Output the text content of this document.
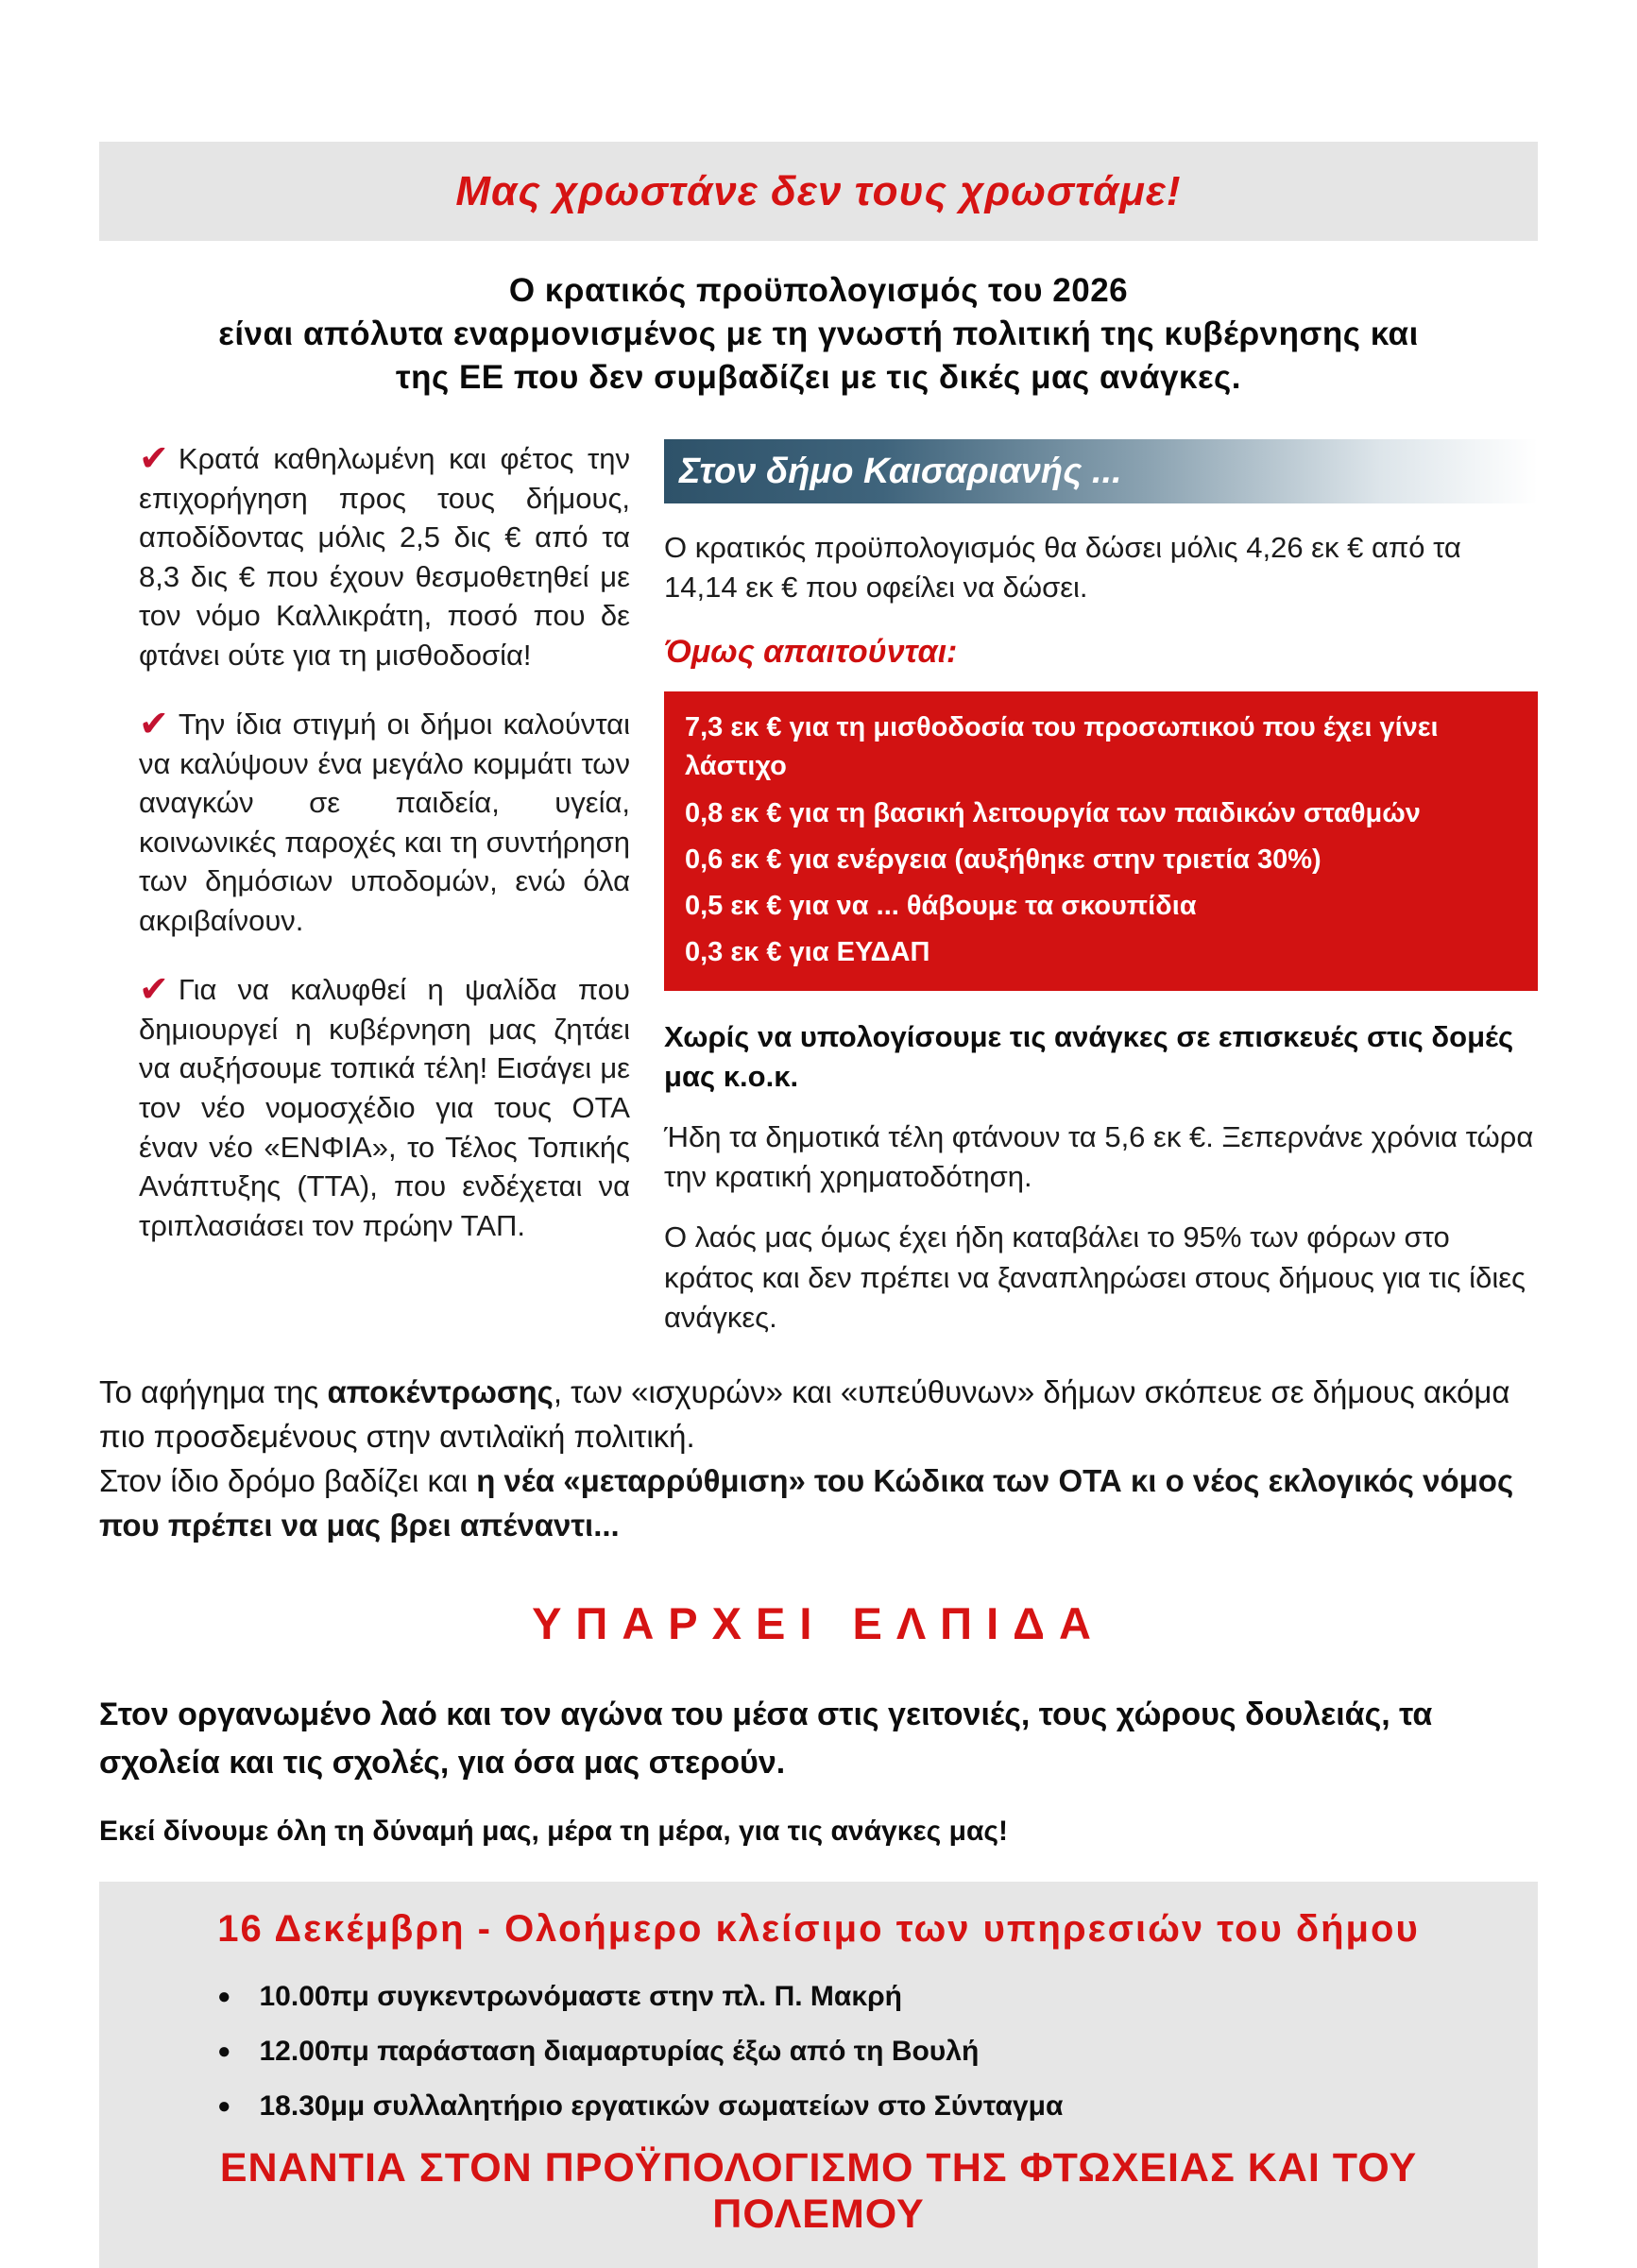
Μας χρωστάνε δεν τους χρωστάμε!
Ο κρατικός προϋπολογισμός του 2026
είναι απόλυτα εναρμονισμένος με τη γνωστή πολιτική της κυβέρνησης και
της ΕΕ που δεν συμβαδίζει με τις δικές μας ανάγκες.

✔ Κρατά καθηλωμένη και φέτος την επιχορήγηση προς τους δήμους, αποδίδοντας μόλις 2,5 δις € από τα 8,3 δις € που έχουν θεσμοθετηθεί με τον νόμο Καλλικράτη, ποσό που δε φτάνει ούτε για τη μισθοδοσία!

✔ Την ίδια στιγμή οι δήμοι καλούνται να καλύψουν ένα μεγάλο κομμάτι των αναγκών σε παιδεία, υγεία, κοινωνικές παροχές και τη συντήρηση των δημόσιων υποδομών, ενώ όλα ακριβαίνουν.

✔ Για να καλυφθεί η ψαλίδα που δημιουργεί η κυβέρνηση μας ζητάει να αυξήσουμε τοπικά τέλη! Εισάγει με τον νέο νομοσχέδιο για τους ΟΤΑ έναν νέο «ΕΝΦΙΑ», το Τέλος Τοπικής Ανάπτυξης (ΤΤΑ), που ενδέχεται να τριπλασιάσει τον πρώην ΤΑΠ.

Στον δήμο Καισαριανής ...

Ο κρατικός προϋπολογισμός θα δώσει μόλις 4,26 εκ € από τα 14,14 εκ € που οφείλει να δώσει.

Όμως απαιτούνται:
7,3 εκ € για τη μισθοδοσία του προσωπικού που έχει γίνει λάστιχο
0,8 εκ € για τη βασική λειτουργία των παιδικών σταθμών
0,6 εκ € για ενέργεια (αυξήθηκε στην τριετία 30%)
0,5 εκ € για να ... θάβουμε τα σκουπίδια
0,3 εκ € για ΕΥΔΑΠ

Χωρίς να υπολογίσουμε τις ανάγκες σε επισκευές στις δομές μας κ.ο.κ.

Ήδη τα δημοτικά τέλη φτάνουν τα 5,6 εκ €. Ξεπερνάνε χρόνια τώρα την κρατική χρηματοδότηση.

Ο λαός μας όμως έχει ήδη καταβάλει το 95% των φόρων στο κράτος και δεν πρέπει να ξαναπληρώσει στους δήμους για τις ίδιες ανάγκες.

Το αφήγημα της αποκέντρωσης, των «ισχυρών» και «υπεύθυνων» δήμων σκόπευε σε δήμους ακόμα πιο προσδεμένους στην αντιλαϊκή πολιτική.
Στον ίδιο δρόμο βαδίζει και η νέα «μεταρρύθμιση» του Κώδικα των ΟΤΑ κι ο νέος εκλογικός νόμος που πρέπει να μας βρει απέναντι...
ΥΠΑΡΧΕΙ ΕΛΠΙΔΑ

Στον οργανωμένο λαό και τον αγώνα του μέσα στις γειτονιές, τους χώρους δουλειάς, τα σχολεία και τις σχολές, για όσα μας στερούν.

Εκεί δίνουμε όλη τη δύναμή μας, μέρα τη μέρα, για τις ανάγκες μας!

16 Δεκέμβρη - Ολοήμερο κλείσιμο των υπηρεσιών του δήμου
● 10.00πμ συγκεντρωνόμαστε στην πλ. Π. Μακρή
● 12.00πμ παράσταση διαμαρτυρίας έξω από τη Βουλή
● 18.30μμ συλλαλητήριο εργατικών σωματείων στο Σύνταγμα
ΕΝΑΝΤΙΑ ΣΤΟΝ ΠΡΟΫΠΟΛΟΓΙΣΜΟ ΤΗΣ ΦΤΩΧΕΙΑΣ ΚΑΙ ΤΟΥ ΠΟΛΕΜΟΥ
